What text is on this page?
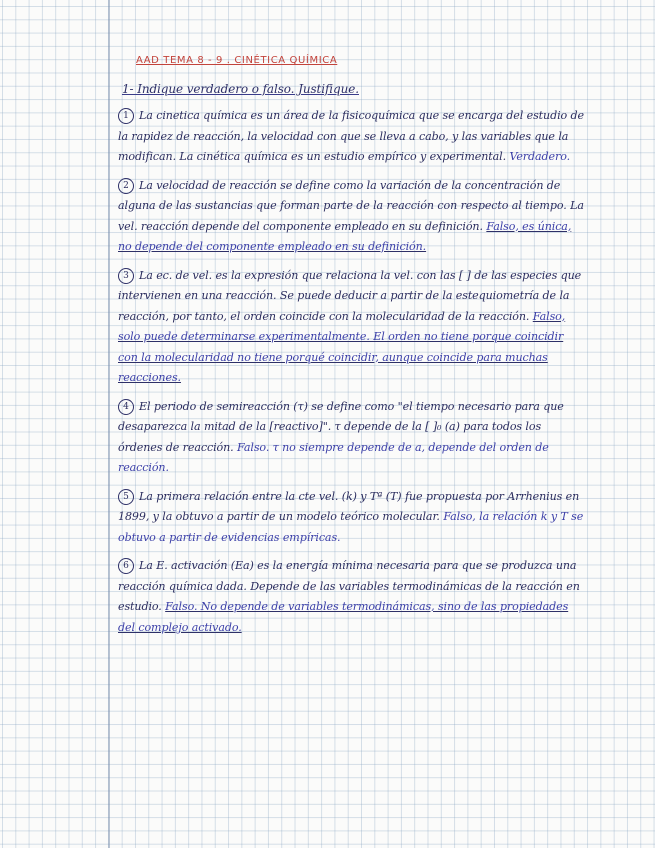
AAD TEMA 8 - 9 . CINÉTICA QUÍMICA
1- Indique verdadero o falso. Justifique.
1 La cinetica química es un área de la fisicoquímica que se encarga del estudio de la rapidez de reacción, la velocidad con que se lleva a cabo, y las variables que la modifican. La cinética química es un estudio empírico y experimental. Verdadero.
2 La velocidad de reacción se define como la variación de la concentración de alguna de las sustancias que forman parte de la reacción con respecto al tiempo. La vel. reacción depende del componente empleado en su definición. Falso, es única, no depende del componente empleado en su definición.
3 La ec. de vel. es la expresión que relaciona la vel. con las [ ] de las especies que intervienen en una reacción. Se puede deducir a partir de la estequiometría de la reacción, por tanto, el orden coincide con la molecularidad de la reacción. Falso, solo puede determinarse experimentalmente. El orden no tiene porque coincidir con la molecularidad no tiene porqué coincidir, aunque coincide para muchas reacciones.
4 El periodo de semireacción (τ) se define como "el tiempo necesario para que desaparezca la mitad de la [reactivo]". τ depende de la [ ]₀ (a) para todos los órdenes de reacción. Falso. τ no siempre depende de a, depende del orden de reacción.
5 La primera relación entre la cte vel. (k) y Tª (T) fue propuesta por Arrhenius en 1899, y la obtuvo a partir de un modelo teórico molecular. Falso, la relación k y T se obtuvo a partir de evidencias empíricas.
6 La E. activación (Ea) es la energía mínima necesaria para que se produzca una reacción química dada. Depende de las variables termodinámicas de la reacción en estudio. Falso. No depende de variables termodinámicas, sino de las propiedades del complejo activado.
